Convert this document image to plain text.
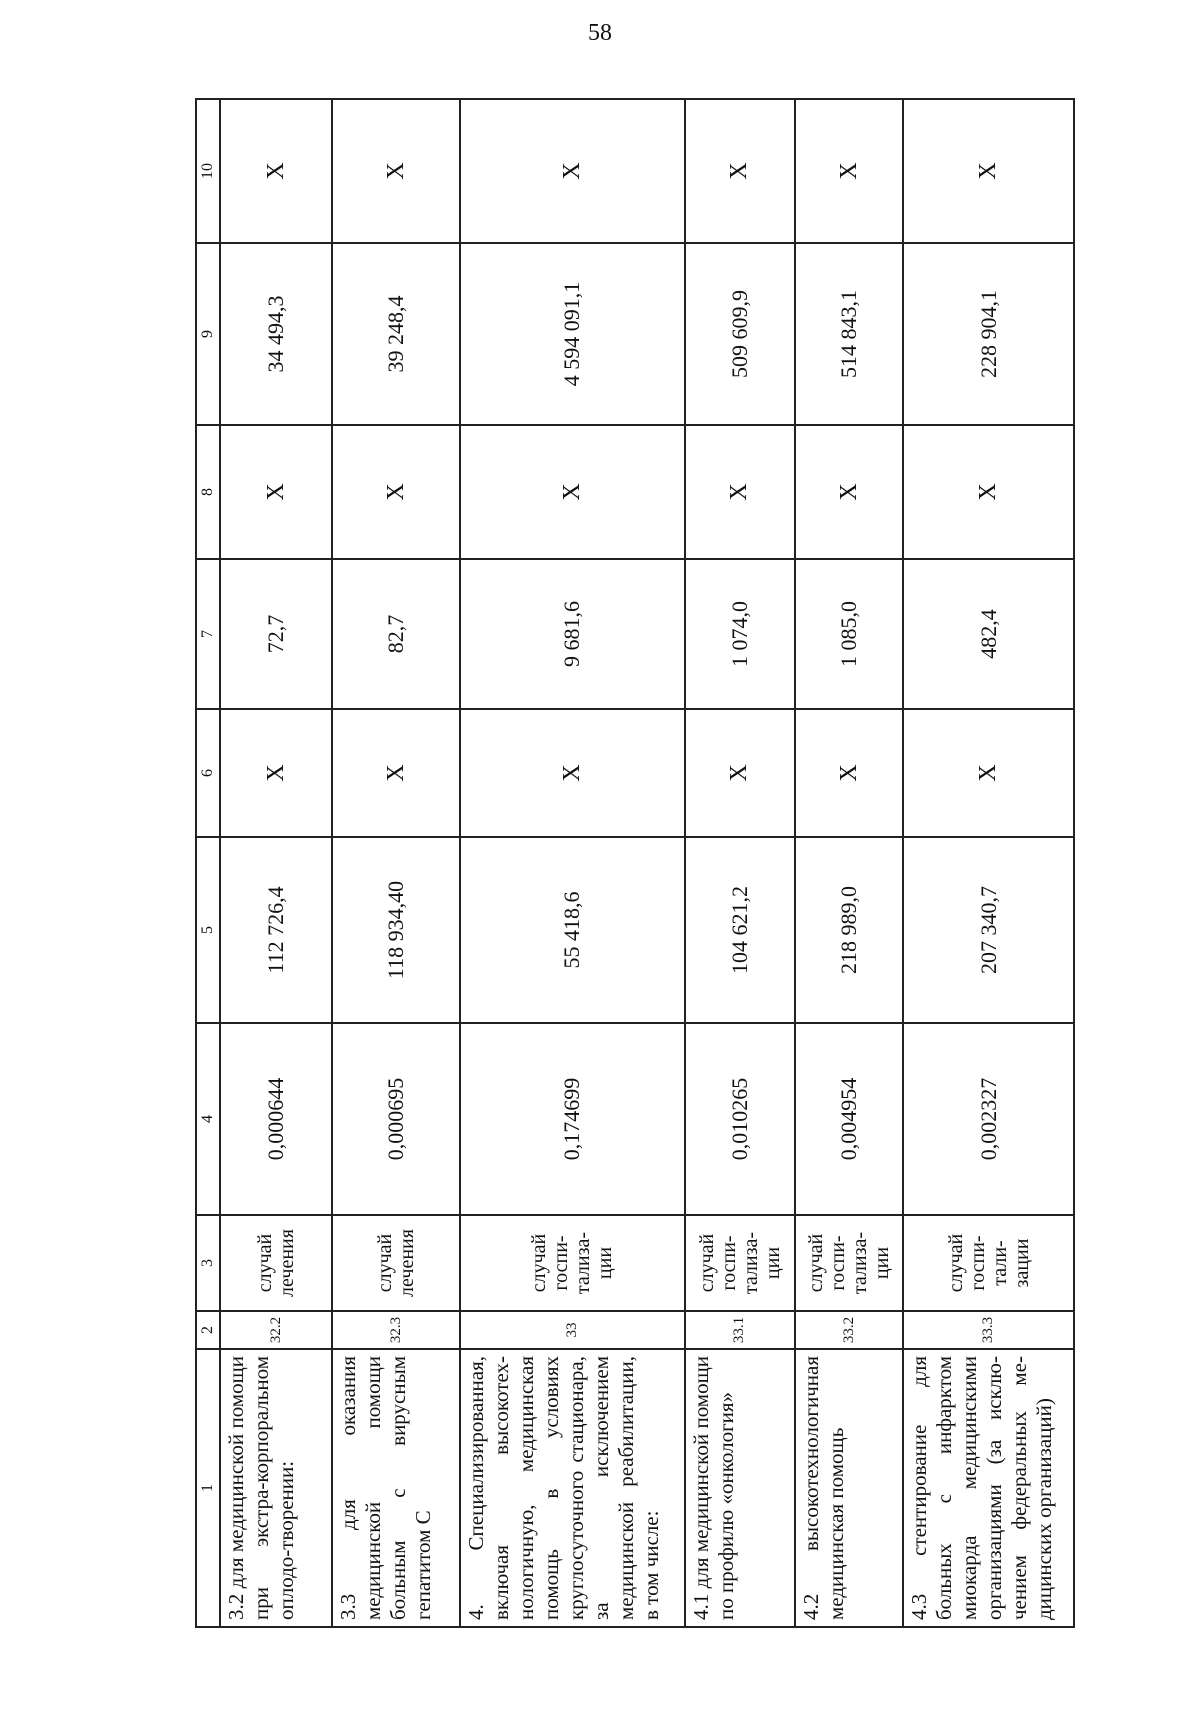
58
1	2	3	4	5	6	7	8	9	10
3.2 для медицинской помощи при экстра-корпоральном оплодо-творении:	32.2	случай лечения	0,000644	112 726,4	X	72,7	X	34 494,3	X
3.3 для оказания медицинской помощи больным с вирусным гепатитом С	32.3	случай лечения	0,000695	118 934,40	X	82,7	X	39 248,4	X
4. Специализированная, включая высокотех-нологичную, медицинская помощь в условиях круглосуточного стационара, за исключением медицинской реабилитации, в том числе:	33	случай госпи-тализа-ции	0,174699	55 418,6	X	9 681,6	X	4 594 091,1	X
4.1 для медицинской помощи по профилю «онкология»	33.1	случай госпи-тализа-ции	0,010265	104 621,2	X	1 074,0	X	509 609,9	X
4.2 высокотехнологичная медицинская помощь	33.2	случай госпи-тализа-ции	0,004954	218 989,0	X	1 085,0	X	514 843,1	X
4.3 стентирование для больных с инфарктом миокарда медицинскими организациями (за исклю-чением федеральных ме-дицинских организаций)	33.3	случай госпи-тали-зации	0,002327	207 340,7	X	482,4	X	228 904,1	X
